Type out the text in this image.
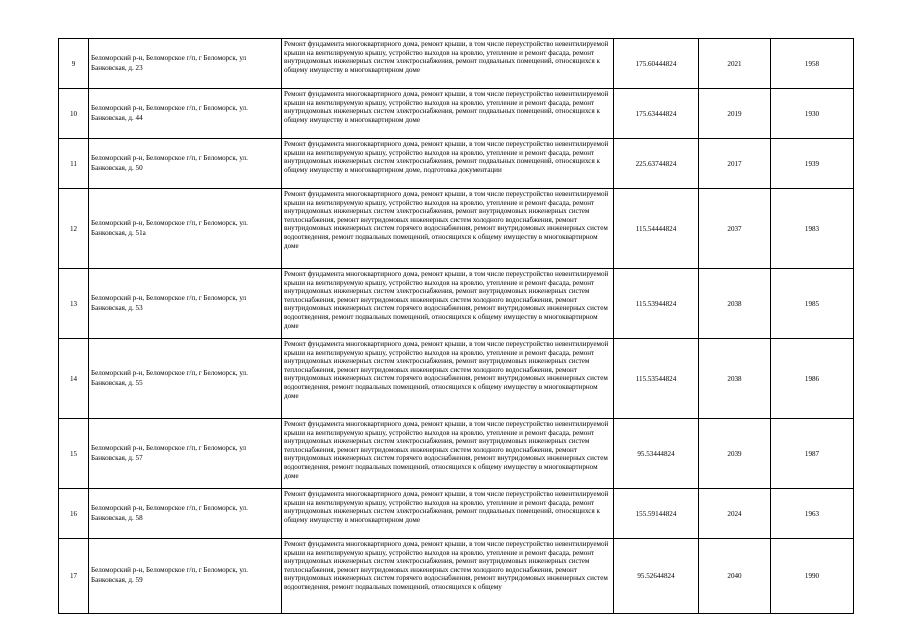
9	Беломорский р-н, Беломорское г/п, г Беломорск, ул Банковская, д. 23	Ремонт фундамента многоквартирного дома, ремонт крыши, в том числе переустройство невентилируемой крыши на вентилируемую крышу, устройство выходов на кровлю, утепление и ремонт фасада, ремонт внутридомовых инженерных систем электроснабжения, ремонт подвальных помещений, относящихся к общему имуществу в многоквартирном доме	175.60444824	2021	1958
10	Беломорский р-н, Беломорское г/п, г Беломорск, ул. Банковская, д. 44	Ремонт фундамента многоквартирного дома, ремонт крыши, в том числе переустройство невентилируемой крыши на вентилируемую крышу, устройство выходов на кровлю, утепление и ремонт фасада, ремонт внутридомовых инженерных систем электроснабжения, ремонт подвальных помещений, относящихся к общему имуществу в многоквартирном доме	175.63444824	2019	1930
11	Беломорский р-н, Беломорское г/п, г Беломорск, ул. Банковская, д. 50	Ремонт фундамента многоквартирного дома, ремонт крыши, в том числе переустройство невентилируемой крыши на вентилируемую крышу, устройство выходов на кровлю, утепление и ремонт фасада, ремонт внутридомовых инженерных систем электроснабжения, ремонт подвальных помещений, относящихся к общему имуществу в многоквартирном доме, подготовка документации	225.63744824	2017	1939
12	Беломорский р-н, Беломорское г/п, г Беломорск, ул. Банковская, д. 51а	Ремонт фундамента многоквартирного дома, ремонт крыши, в том числе переустройство невентилируемой крыши на вентилируемую крышу, устройство выходов на кровлю, утепление и ремонт фасада, ремонт внутридомовых инженерных систем электроснабжения, ремонт внутридомовых инженерных систем теплоснабжения, ремонт внутридомовых инженерных систем холодного водоснабжения, ремонт внутридомовых инженерных систем горячего водоснабжения, ремонт внутридомовых инженерных систем водоотведения, ремонт подвальных помещений, относящихся к общему имуществу в многоквартирном доме	115.54444824	2037	1983
13	Беломорский р-н, Беломорское г/п, г Беломорск, ул Банковская, д. 53	Ремонт фундамента многоквартирного дома, ремонт крыши, в том числе переустройство невентилируемой крыши на вентилируемую крышу, устройство выходов на кровлю, утепление и ремонт фасада, ремонт внутридомовых инженерных систем электроснабжения, ремонт внутридомовых инженерных систем теплоснабжения, ремонт внутридомовых инженерных систем холодного водоснабжения, ремонт внутридомовых инженерных систем горячего водоснабжения, ремонт внутридомовых инженерных систем водоотведения, ремонт подвальных помещений, относящихся к общему имуществу в многоквартирном доме	115.53944824	2038	1985
14	Беломорский р-н, Беломорское г/п, г Беломорск, ул. Банковская, д. 55	Ремонт фундамента многоквартирного дома, ремонт крыши, в том числе переустройство невентилируемой крыши на вентилируемую крышу, устройство выходов на кровлю, утепление и ремонт фасада, ремонт внутридомовых инженерных систем электроснабжения, ремонт внутридомовых инженерных систем теплоснабжения, ремонт внутридомовых инженерных систем холодного водоснабжения, ремонт внутридомовых инженерных систем горячего водоснабжения, ремонт внутридомовых инженерных систем водоотведения, ремонт подвальных помещений, относящихся к общему имуществу в многоквартирном доме	115.53544824	2038	1986
15	Беломорский р-н, Беломорское г/п, г Беломорск, ул Банковская, д. 57	Ремонт фундамента многоквартирного дома, ремонт крыши, в том числе переустройство невентилируемой крыши на вентилируемую крышу, устройство выходов на кровлю, утепление и ремонт фасада, ремонт внутридомовых инженерных систем электроснабжения, ремонт внутридомовых инженерных систем теплоснабжения, ремонт внутридомовых инженерных систем холодного водоснабжения, ремонт внутридомовых инженерных систем горячего водоснабжения, ремонт внутридомовых инженерных систем водоотведения, ремонт подвальных помещений, относящихся к общему имуществу в многоквартирном доме	95.53444824	2039	1987
16	Беломорский р-н, Беломорское г/п, г Беломорск, ул. Банковская, д. 58	Ремонт фундамента многоквартирного дома, ремонт крыши, в том числе переустройство невентилируемой крыши на вентилируемую крышу, устройство выходов на кровлю, утепление и ремонт фасада, ремонт внутридомовых инженерных систем электроснабжения, ремонт подвальных помещений, относящихся к общему имуществу в многоквартирном доме	155.59144824	2024	1963
17	Беломорский р-н, Беломорское г/п, г Беломорск, ул. Банковская, д. 59	Ремонт фундамента многоквартирного дома, ремонт крыши, в том числе переустройство невентилируемой крыши на вентилируемую крышу, устройство выходов на кровлю, утепление и ремонт фасада, ремонт внутридомовых инженерных систем электроснабжения, ремонт внутридомовых инженерных систем теплоснабжения, ремонт внутридомовых инженерных систем холодного водоснабжения, ремонт внутридомовых инженерных систем горячего водоснабжения, ремонт внутридомовых инженерных систем водоотведения, ремонт подвальных помещений, относящихся к общему	95.52644824	2040	1990
